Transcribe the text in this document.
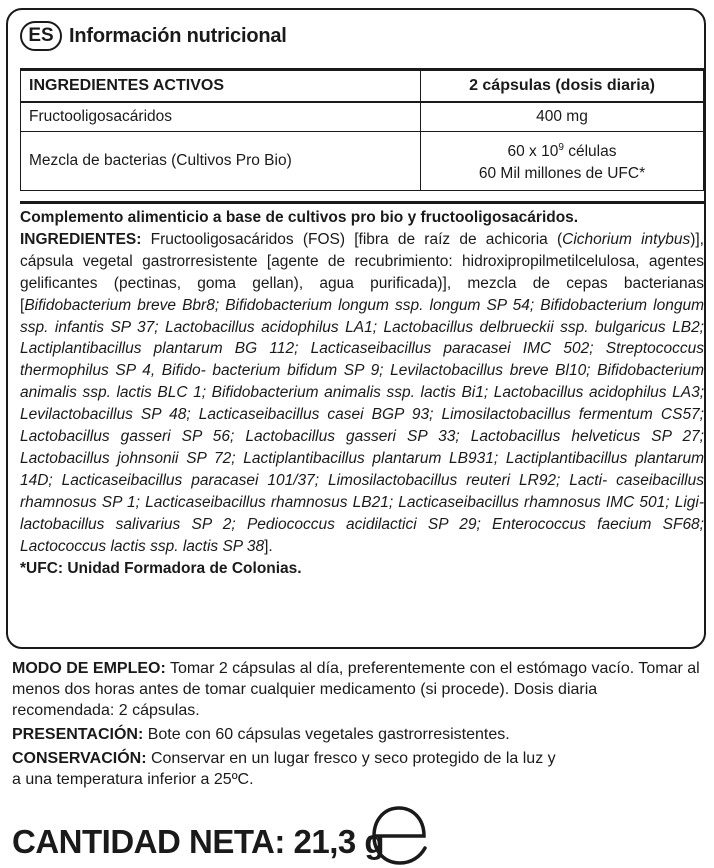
ES Información nutricional
INGREDIENTES ACTIVOS	2 cápsulas (dosis diaria)
Fructooligosacáridos	400 mg
Mezcla de bacterias (Cultivos Pro Bio)	60 x $10^9$ células
60 Mil millones de UFC*

Complemento alimenticio a base de cultivos pro bio y fructooligosacáridos.

INGREDIENTES: Fructooligosacáridos (FOS) [fibra de raíz de achicoria (Cichorium intybus)], cápsula vegetal gastrorresistente [agente de recubrimiento: hidroxipropilmetilcelulosa, agentes gelificantes (pectinas, goma gellan), agua purificada)], mezcla de cepas bacterianas [Bifidobacterium breve Bbr8; Bifidobacterium longum ssp. longum SP 54; Bifidobacterium longum ssp. infantis SP 37; Lactobacillus acidophilus LA1; Lactobacillus delbrueckii ssp. bulgaricus LB2; Lactiplantibacillus plantarum BG 112; Lacticaseibacillus paracasei IMC 502; Streptococcus thermophilus SP 4, Bifido- bacterium bifidum SP 9; Levilactobacillus breve Bl10; Bifidobacterium animalis ssp. lactis BLC 1; Bifidobacterium animalis ssp. lactis Bi1; Lactobacillus acidophilus LA3; Levilactobacillus SP 48; Lacticaseibacillus casei BGP 93; Limosilactobacillus fermentum CS57; Lactobacillus gasseri SP 56; Lactobacillus gasseri SP 33; Lactobacillus helveticus SP 27; Lactobacillus johnsonii SP 72; Lactiplantibacillus plantarum LB931; Lactiplantibacillus plantarum 14D; Lacticaseibacillus paracasei 101/37; Limosilactobacillus reuteri LR92; Lacti- caseibacillus rhamnosus SP 1; Lacticaseibacillus rhamnosus LB21; Lacticaseibacillus rhamnosus IMC 501; Ligi- lactobacillus salivarius SP 2; Pediococcus acidilactici SP 29; Enterococcus faecium SF68; Lactococcus lactis ssp. lactis SP 38].

*UFC: Unidad Formadora de Colonias.

MODO DE EMPLEO: Tomar 2 cápsulas al día, preferentemente con el estómago vacío. Tomar al menos dos horas antes de tomar cualquier medicamento (si procede). Dosis diaria recomendada: 2 cápsulas.

PRESENTACIÓN: Bote con 60 cápsulas vegetales gastrorresistentes.

CONSERVACIÓN: Conservar en un lugar fresco y seco protegido de la luz y
a una temperatura inferior a 25ºC.

CANTIDAD NETA: 21,3 g
